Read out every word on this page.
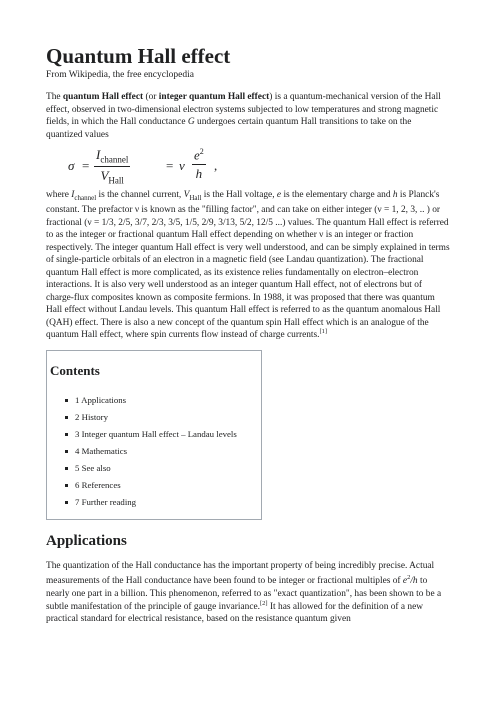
Quantum Hall effect
From Wikipedia, the free encyclopedia

The quantum Hall effect (or integer quantum Hall effect) is a quantum-mechanical version of the Hall effect, observed in two-dimensional electron systems subjected to low temperatures and strong magnetic fields, in which the Hall conductance G undergoes certain quantum Hall transitions to take on the quantized values

σ =
$I_{channel}$
$V_{Hall}$
= ν
$e^2$
h
,

where $I_{channel}$ is the channel current, $V_{Hall}$ is the Hall voltage, e is the elementary charge and h is Planck's constant. The prefactor ν is known as the "filling factor", and can take on either integer (ν = 1, 2, 3, .. ) or fractional (ν = 1/3, 2/5, 3/7, 2/3, 3/5, 1/5, 2/9, 3/13, 5/2, 12/5 ...) values. The quantum Hall effect is referred to as the integer or fractional quantum Hall effect depending on whether ν is an integer or fraction respectively. The integer quantum Hall effect is very well understood, and can be simply explained in terms of single-particle orbitals of an electron in a magnetic field (see Landau quantization). The fractional quantum Hall effect is more complicated, as its existence relies fundamentally on electron–electron interactions. It is also very well understood as an integer quantum Hall effect, not of electrons but of charge-flux composites known as composite fermions. In 1988, it was proposed that there was quantum Hall effect without Landau levels. This quantum Hall effect is referred to as the quantum anomalous Hall (QAH) effect. There is also a new concept of the quantum spin Hall effect which is an analogue of the quantum Hall effect, where spin currents flow instead of charge currents.[1]

Contents
1 Applications
2 History
3 Integer quantum Hall effect – Landau levels
4 Mathematics
5 See also
6 References
7 Further reading
Applications

The quantization of the Hall conductance has the important property of being incredibly precise. Actual measurements of the Hall conductance have been found to be integer or fractional multiples of $e^2/h$ to nearly one part in a billion. This phenomenon, referred to as "exact quantization", has been shown to be a subtle manifestation of the principle of gauge invariance.[2] It has allowed for the definition of a new practical standard for electrical resistance, based on the resistance quantum given
